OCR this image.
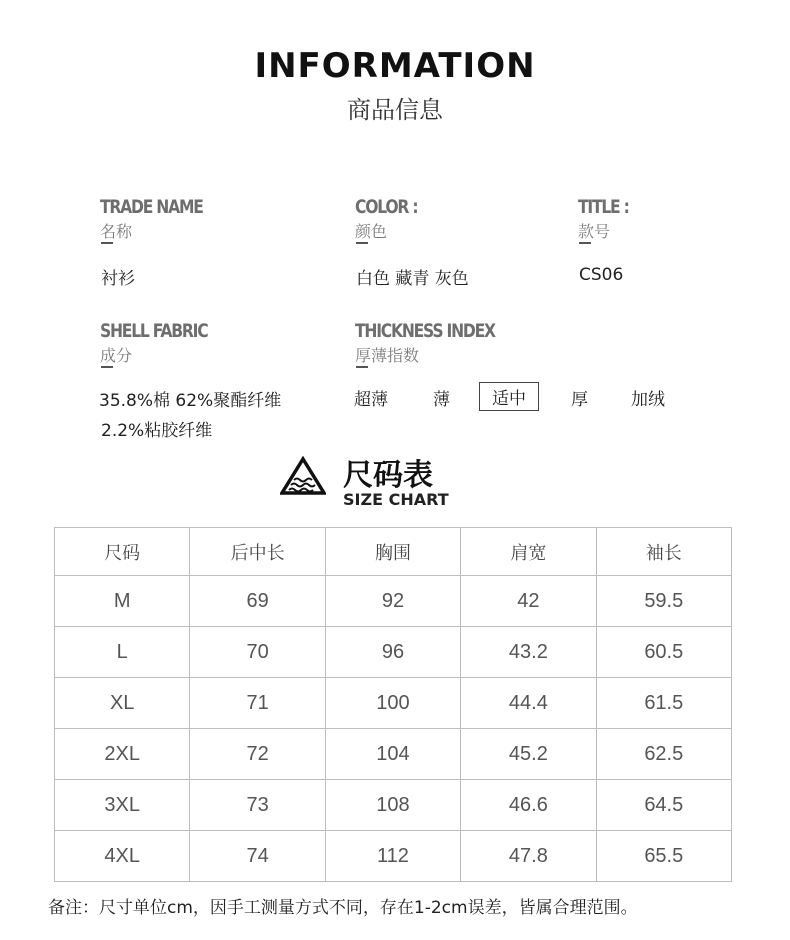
INFORMATION
商品信息
TRADE NAME
名称
衬衫
COLOR :
颜色
白色 藏青 灰色
TITLE :
款号
CS06
SHELL FABRIC
成分
35.8%棉 62%聚酯纤维
2.2%粘胶纤维
THICKNESS INDEX
厚薄指数
超薄	薄	适中	厚	加绒
尺码表
SIZE CHART
尺码	后中长	胸围	肩宽	袖长
M	69	92	42	59.5
L	70	96	43.2	60.5
XL	71	100	44.4	61.5
2XL	72	104	45.2	62.5
3XL	73	108	46.6	64.5
4XL	74	112	47.8	65.5
备注：尺寸单位cm，因手工测量方式不同，存在1-2cm误差，皆属合理范围。
